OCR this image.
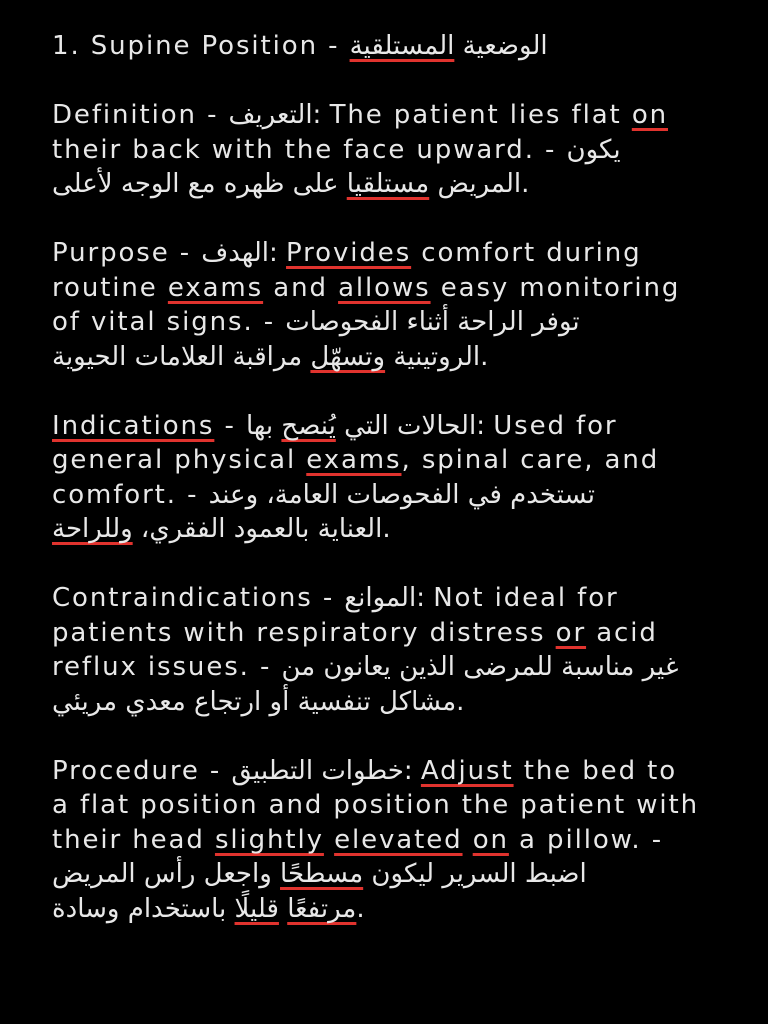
1. Supine Position -	الوضعية المستلقية
Definition - التعريف: The patient lies flat on
their back with the face upward. - يكون
المريض مستلقيا على ظهره مع الوجه لأعلى.
Purpose - الهدف: Provides comfort during
routine exams and allows easy monitoring
of vital signs. - توفر الراحة أثناء الفحوصات
الروتينية وتسهّل مراقبة العلامات الحيوية.
Indications -	الحالات التي يُنصح بها	: Used for
general physical exams, spinal care, and
comfort. - تستخدم في الفحوصات العامة، وعند
العناية بالعمود الفقري، وللراحة	.
Contraindications - الموانع: Not ideal for
patients with respiratory distress or acid
reflux issues. - غير مناسبة للمرضى الذين يعانون من
مشاكل تنفسية أو ارتجاع معدي مريئي.
Procedure - خطوات التطبيق: Adjust the bed to
a flat position and position the patient with
their head slightly elevated on a pillow. -
اضبط السرير ليكون مسطحًا واجعل رأس المريض
مرتفعًا قليلًا باستخدام وسادة.
